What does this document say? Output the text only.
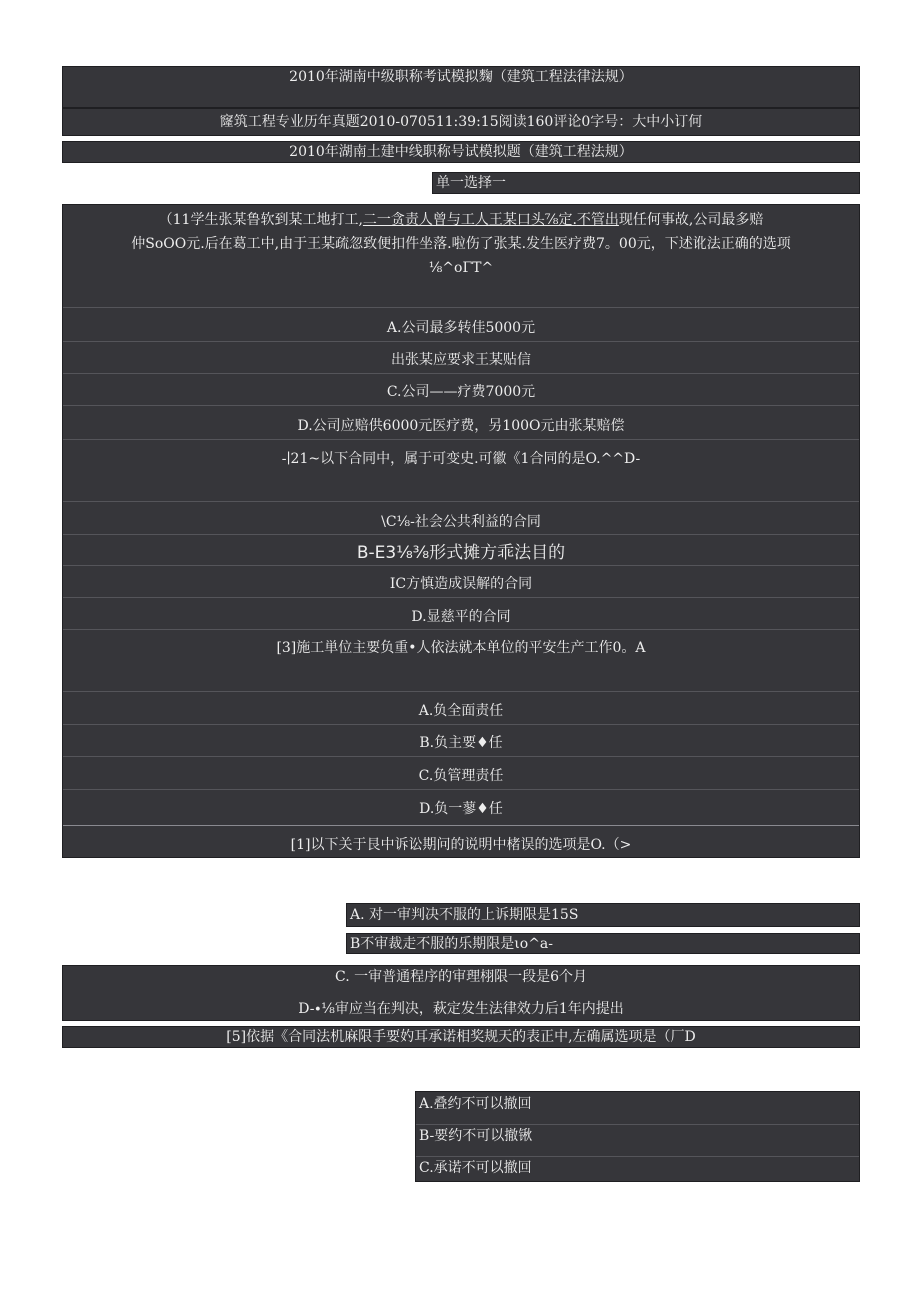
2010年湖南中级职称考试模拟麴（建筑工程法律法规）
窿筑工程专业历年真题2010-070511:39:15阅读160评论0字号：大中小订何
2010年湖南土建中线职称号试模拟题（建筑工程法规）
单一选择一
（11学生张某鲁软到某工地打工,二一贪责人曾与工人王某口头⅞定.不管出现任何事故,公司最多赔
仲SoOO元.后在葛工中,由于王某疏忽致便扣件坐落.啦伤了张某.发生医疗费7。00元，下述讹法正确的选项
⅛^oΓT^
A.公司最多转佳5000元
出张某应要求王某贴信
C.公司——疗费7000元
D.公司应赔供6000元医疗费，另100O元由张某赔偿
-∣21~以下合同中，属于可变史.可徽《1合同的是O.^^D-
\C⅛-社会公共利益的合同
B-E3⅛⅜形式摊方乖法目的
IC方慎造成误解的合同
D.显慈平的合同
[3]施工単位主要负重•人依法就本单位的平安生产工作0。A
A.负全面责任
B.负主要♦任
C.负管理责任
D.负一蓼♦任
[1]以下关于艮中诉讼期问的说明中楮误的选项是O.（>
A. 对一审判决不服的上诉期限是15S
B不审裁走不服的乐期限是ιo^a-
C. 一审普通程序的审理栩限一段是6个月
D-∙⅛审应当在判决，萩定发生法律效力后1年内提出
[5]依据《合同法机麻限手要妁耳承诺相奖规天的表正中,左确属选项是（厂D
A.叠约不可以撤回
B-要约不可以撤锹
C.承诺不可以撤回
